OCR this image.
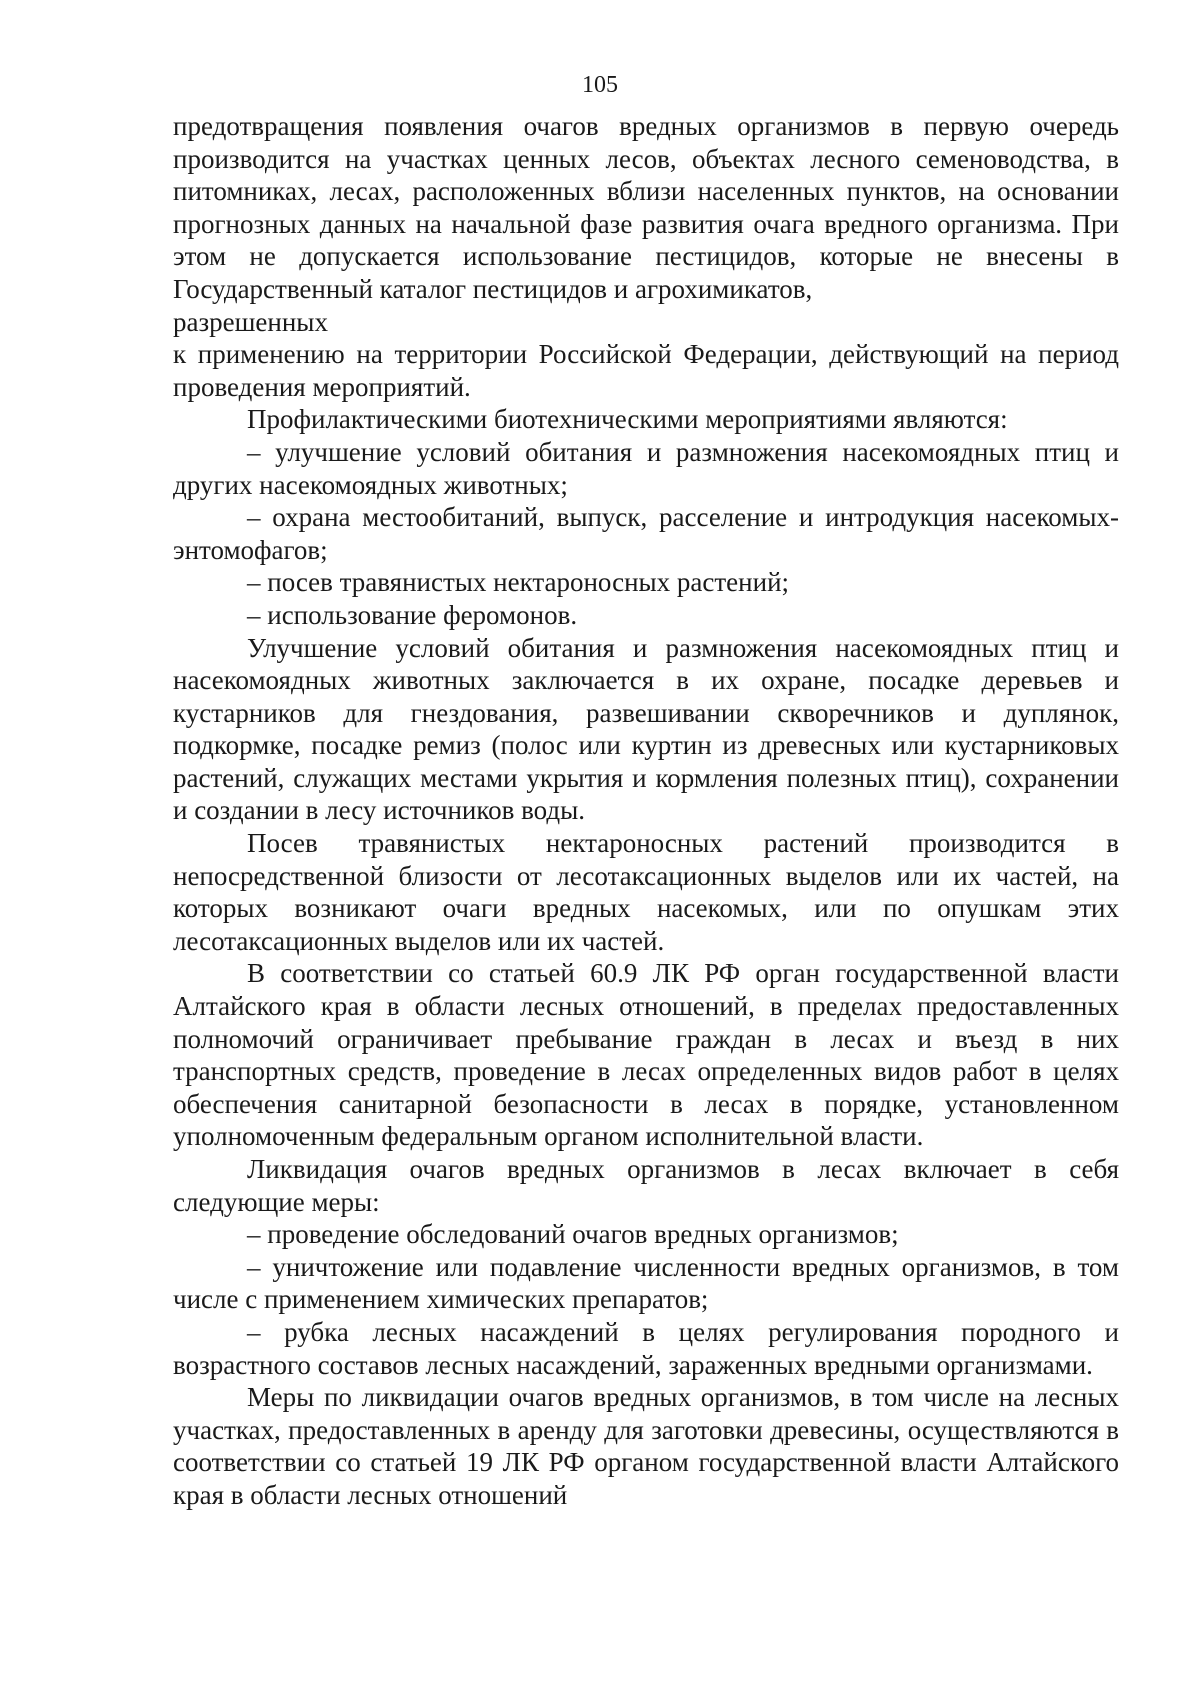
105

предотвращения появления очагов вредных организмов в первую очередь производится на участках ценных лесов, объектах лесного семеноводства, в питомниках, лесах, расположенных вблизи населенных пунктов, на основании прогнозных данных на начальной фазе развития очага вредного организма. При этом не допускается использование пестицидов, которые не внесены в Государственный каталог пестицидов и агрохимикатов,

разрешенных

к применению на территории Российской Федерации, действующий на период проведения мероприятий.

Профилактическими биотехническими мероприятиями являются:

– улучшение условий обитания и размножения насекомоядных птиц и других насекомоядных животных;

– охрана местообитаний, выпуск, расселение и интродукция насекомых-энтомофагов;

– посев травянистых нектароносных растений;

– использование феромонов.

Улучшение условий обитания и размножения насекомоядных птиц и насекомоядных животных заключается в их охране, посадке деревьев и кустарников для гнездования, развешивании скворечников и дуплянок, подкормке, посадке ремиз (полос или куртин из древесных или кустарниковых растений, служащих местами укрытия и кормления полезных птиц), сохранении и создании в лесу источников воды.

Посев травянистых нектароносных растений производится в непосредственной близости от лесотаксационных выделов или их частей, на которых возникают очаги вредных насекомых, или по опушкам этих лесотаксационных выделов или их частей.

В соответствии со статьей 60.9 ЛК РФ орган государственной власти Алтайского края в области лесных отношений, в пределах предоставленных полномочий ограничивает пребывание граждан в лесах и въезд в них транспортных средств, проведение в лесах определенных видов работ в целях обеспечения санитарной безопасности в лесах в порядке, установленном уполномоченным федеральным органом исполнительной власти.

Ликвидация очагов вредных организмов в лесах включает в себя следующие меры:

– проведение обследований очагов вредных организмов;

– уничтожение или подавление численности вредных организмов, в том числе с применением химических препаратов;

– рубка лесных насаждений в целях регулирования породного и возрастного составов лесных насаждений, зараженных вредными организмами.

Меры по ликвидации очагов вредных организмов, в том числе на лесных участках, предоставленных в аренду для заготовки древесины, осуществляются в соответствии со статьей 19 ЛК РФ органом государственной власти Алтайского края в области лесных отношений
